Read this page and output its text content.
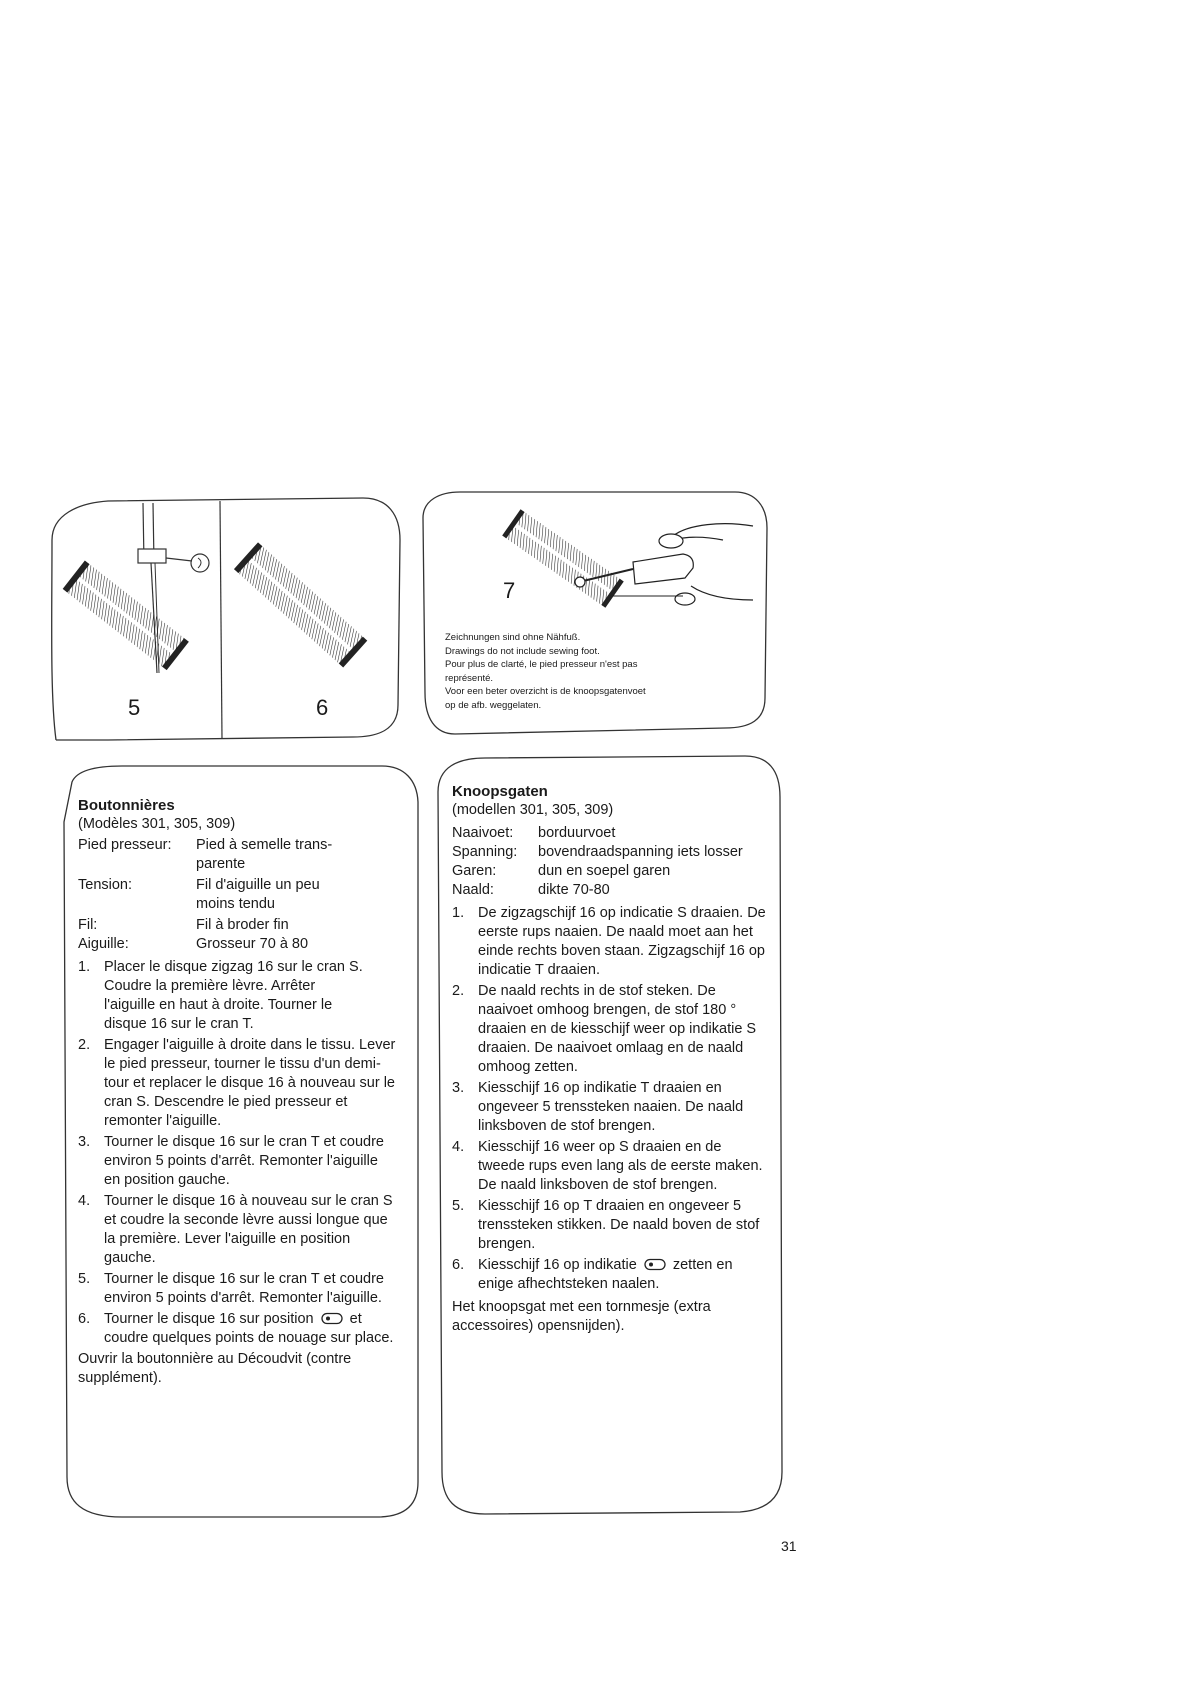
5	6
7
Zeichnungen sind ohne Nähfuß.
Drawings do not include sewing foot.
Pour plus de clarté, le pied presseur n'est pas
représenté.
Voor een beter overzicht is de knoopsgatenvoet
op de afb. weggelaten.
Boutonnières
(Modèles 301, 305, 309)
Pied presseur:	Pied à semelle trans-parente
Tension:	Fil d'aiguille un peu moins tendu
Fil:	Fil à broder fin
Aiguille:	Grosseur 70 à 80
1. Placer le disque zigzag 16 sur le cran S. Coudre la première lèvre. Arrêter l'aiguille en haut à droite. Tourner le disque 16 sur le cran T.
2. Engager l'aiguille à droite dans le tissu. Lever le pied presseur, tourner le tissu d'un demi-tour et replacer le disque 16 à nouveau sur le cran S. Descendre le pied presseur et remonter l'aiguille.
3. Tourner le disque 16 sur le cran T et coudre environ 5 points d'arrêt. Remonter l'aiguille en position gauche.
4. Tourner le disque 16 à nouveau sur le cran S et coudre la seconde lèvre aussi longue que la première. Lever l'aiguille en position gauche.
5. Tourner le disque 16 sur le cran T et coudre environ 5 points d'arrêt. Remonter l'aiguille.
6. Tourner le disque 16 sur position et coudre quelques points de nouage sur place.
Ouvrir la boutonnière au Découdvit (contre supplément).
Knoopsgaten
(modellen 301, 305, 309)
Naaivoet:	borduurvoet
Spanning:	bovendraadspanning iets losser
Garen:	dun en soepel garen
Naald:	dikte 70-80
1. De zigzagschijf 16 op indicatie S draaien. De eerste rups naaien. De naald moet aan het einde rechts boven staan. Zigzagschijf 16 op indicatie T draaien.
2. De naald rechts in de stof steken. De naaivoet omhoog brengen, de stof 180 ° draaien en de kiesschijf weer op indikatie S draaien. De naaivoet omlaag en de naald omhoog zetten.
3. Kiesschijf 16 op indikatie T draaien en ongeveer 5 trenssteken naaien. De naald linksboven de stof brengen.
4. Kiesschijf 16 weer op S draaien en de tweede rups even lang als de eerste maken. De naald linksboven de stof brengen.
5. Kiesschijf 16 op T draaien en ongeveer 5 trenssteken stikken. De naald boven de stof brengen.
6. Kiesschijf 16 op indikatie zetten en enige afhechtsteken naalen.
Het knoopsgat met een tornmesje (extra accessoires) opensnijden).
31
